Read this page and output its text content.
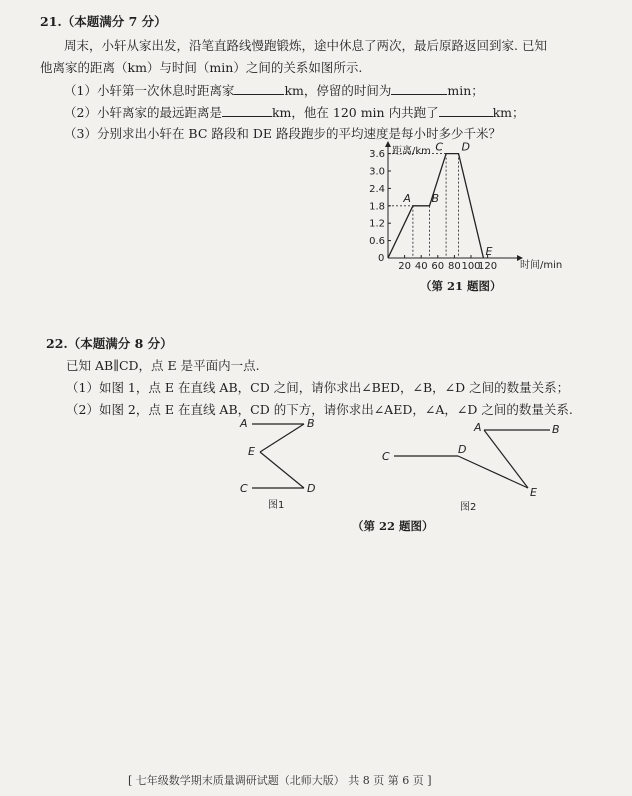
21.（本题满分 7 分）
周末，小轩从家出发，沿笔直路线慢跑锻炼，途中休息了两次，最后原路返回到家. 已知
他离家的距离（km）与时间（min）之间的关系如图所示.
（1）小轩第一次休息时距离家	km，停留的时间为	min；
（2）小轩离家的最远距离是	km，他在 120 min 内共跑了	km；
（3）分别求出小轩在 BC 路段和 DE 路段跑步的平均速度是每小时多少千米？
20 40 60 80 100
120
0.6
1.2
1.8
2.4
3.0
3.6
A B
C D
E
距离/km
时间/min
0
（第 21 题图）
22.（本题满分 8 分）
已知 AB∥CD，点 E 是平面内一点.
（1）如图 1，点 E 在直线 AB，CD 之间，请你求出∠BED，∠B，∠D 之间的数量关系；
（2）如图 2，点 E 在直线 AB，CD 的下方，请你求出∠AED，∠A，∠D 之间的数量关系.
A	B
E
C	D
图1
A	B
C
D
E
图2
（第 22 题图）
[ 七年级数学期末质量调研试题（北师大版） 共 8 页 第 6 页 ]
